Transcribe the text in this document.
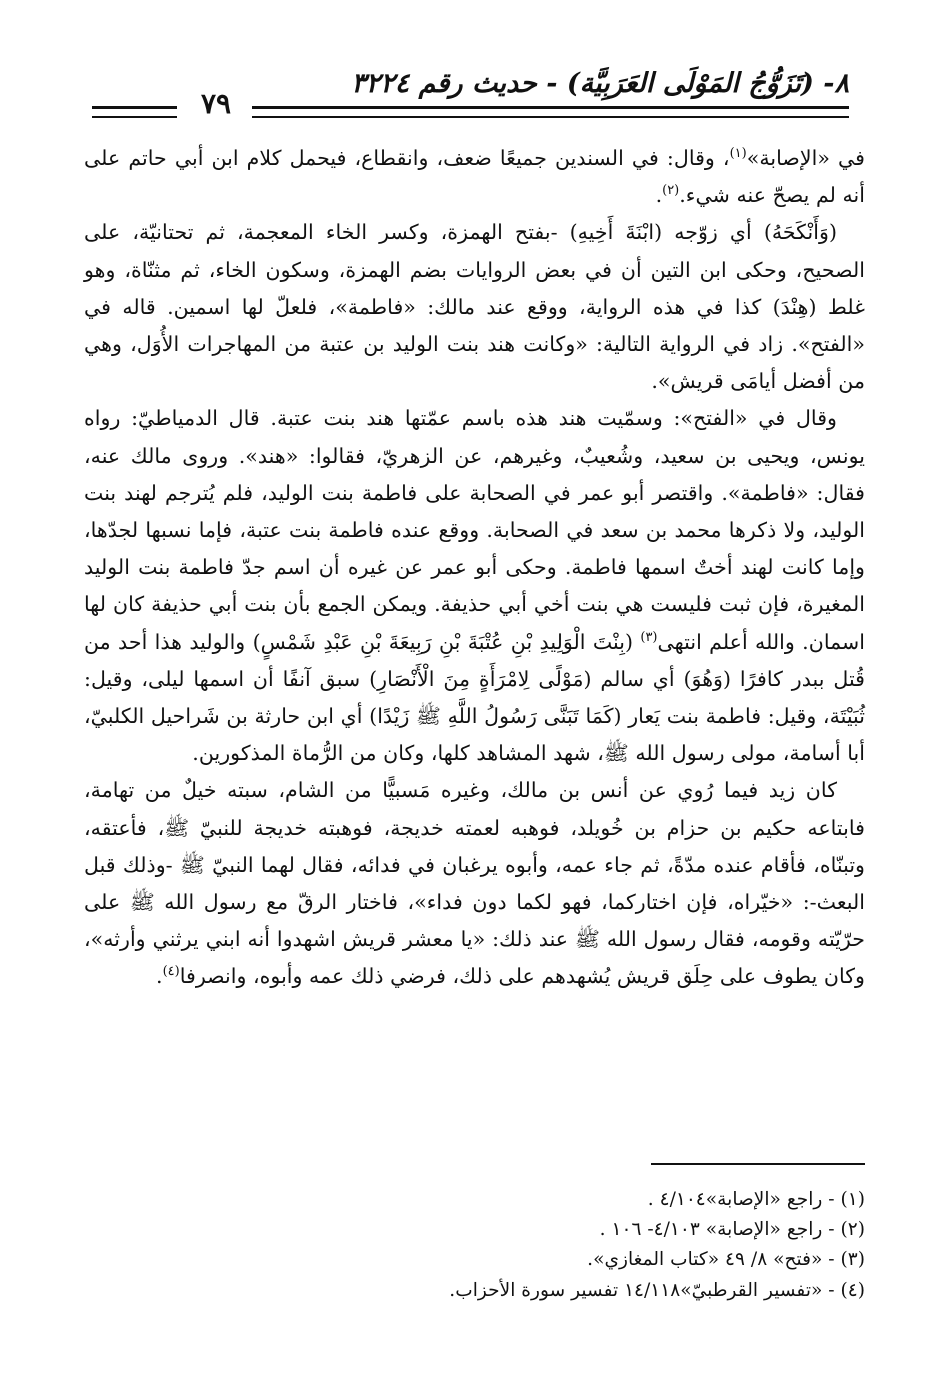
٨- (تَزَوُّجُ المَوْلَى العَرَبِيَّة) - حديث رقم ٣٢٢٤
٧٩

في «الإصابة»$^{(١)}$، وقال: في السندين جميعًا ضعف، وانقطاع، فيحمل كلام ابن أبي حاتم على أنه لم يصحّ عنه شيء.$^{(٢)}$.

(وَأَنْكَحَهُ) أي زوّجه (ابْنَةَ أَخِيهِ) -بفتح الهمزة، وكسر الخاء المعجمة، ثم تحتانيّة، على الصحيح، وحكى ابن التين أن في بعض الروايات بضم الهمزة، وسكون الخاء، ثم مثنّاة، وهو غلط (هِنْدَ) كذا في هذه الرواية، ووقع عند مالك: «فاطمة»، فلعلّ لها اسمين. قاله في «الفتح». زاد في الرواية التالية: «وكانت هند بنت الوليد بن عتبة من المهاجرات الأُوَل، وهي من أفضل أيامَى قريش».

وقال في «الفتح»: وسمّيت هند هذه باسم عمّتها هند بنت عتبة. قال الدمياطيّ: رواه يونس، ويحيى بن سعيد، وشُعيبٌ، وغيرهم، عن الزهريّ، فقالوا: «هند». وروى مالك عنه، فقال: «فاطمة». واقتصر أبو عمر في الصحابة على فاطمة بنت الوليد، فلم يُترجم لهند بنت الوليد، ولا ذكرها محمد بن سعد في الصحابة. ووقع عنده فاطمة بنت عتبة، فإما نسبها لجدّها، وإما كانت لهند أختٌ اسمها فاطمة. وحكى أبو عمر عن غيره أن اسم جدّ فاطمة بنت الوليد المغيرة، فإن ثبت فليست هي بنت أخي أبي حذيفة. ويمكن الجمع بأن بنت أبي حذيفة كان لها اسمان. والله أعلم انتهى$^{(٣)}$ (بِنْتَ الْوَلِيدِ بْنِ عُتْبَةَ بْنِ رَبِيعَةَ بْنِ عَبْدِ شَمْسٍ) والوليد هذا أحد من قُتل ببدر كافرًا (وَهُوَ) أي سالم (مَوْلًى لِامْرَأَةٍ مِنَ الْأَنْصَارِ) سبق آنفًا أن اسمها ليلى، وقيل: ثُبَيْتَة، وقيل: فاطمة بنت يَعار (كَمَا تَبَنَّى رَسُولُ اللَّهِ ﷺ زَيْدًا) أي ابن حارثة بن شَراحيل الكلبيّ، أبا أسامة، مولى رسول الله ﷺ، شهد المشاهد كلها، وكان من الرُّماة المذكورين.

كان زيد فيما رُوي عن أنس بن مالك، وغيره مَسبيًّا من الشام، سبته خيلٌ من تهامة، فابتاعه حكيم بن حزام بن خُويلد، فوهبه لعمته خديجة، فوهبته خديجة للنبيّ ﷺ، فأعتقه، وتبنّاه، فأقام عنده مدّةً، ثم جاء عمه، وأبوه يرغبان في فدائه، فقال لهما النبيّ ﷺ -وذلك قبل البعث-: «خيّراه، فإن اختاركما، فهو لكما دون فداء»، فاختار الرقّ مع رسول الله ﷺ على حرّيّته وقومه، فقال رسول الله ﷺ عند ذلك: «يا معشر قريش اشهدوا أنه ابني يرثني وأرثه»، وكان يطوف على حِلَق قريش يُشهدهم على ذلك، فرضي ذلك عمه وأبوه، وانصرفا$^{(٤)}$.

(١) - راجع «الإصابة»٤/١٠٤ .
(٢) - راجع «الإصابة» ٤/١٠٣- ١٠٦ .
(٣) - «فتح» ٨/ ٤٩ «كتاب المغازي».
(٤) - «تفسير القرطبيّ»١٤/١١٨ تفسير سورة الأحزاب.
